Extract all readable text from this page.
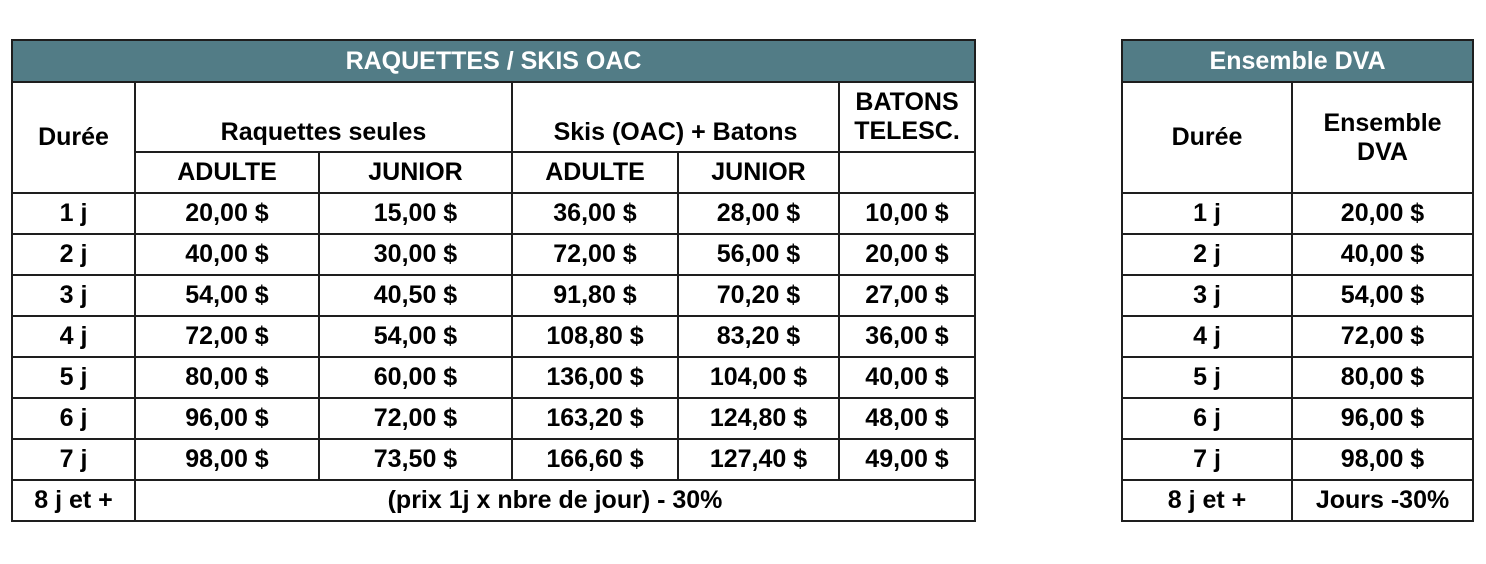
RAQUETTES / SKIS OAC					
Durée	Raquettes seules		Skis (OAC) + Batons		BATONS TELESC.
	ADULTE	JUNIOR	ADULTE	JUNIOR	
1 j	20,00 $	15,00 $	36,00 $	28,00 $	10,00 $
2 j	40,00 $	30,00 $	72,00 $	56,00 $	20,00 $
3 j	54,00 $	40,50 $	91,80 $	70,20 $	27,00 $
4 j	72,00 $	54,00 $	108,80 $	83,20 $	36,00 $
5 j	80,00 $	60,00 $	136,00 $	104,00 $	40,00 $
6 j	96,00 $	72,00 $	163,20 $	124,80 $	48,00 $
7 j	98,00 $	73,50 $	166,60 $	127,40 $	49,00 $
8 j et +	(prix 1j x nbre de jour) - 30%				
Ensemble DVA	
Durée	Ensemble DVA
1 j	20,00 $
2 j	40,00 $
3 j	54,00 $
4 j	72,00 $
5 j	80,00 $
6 j	96,00 $
7 j	98,00 $
8 j et +	Jours -30%
